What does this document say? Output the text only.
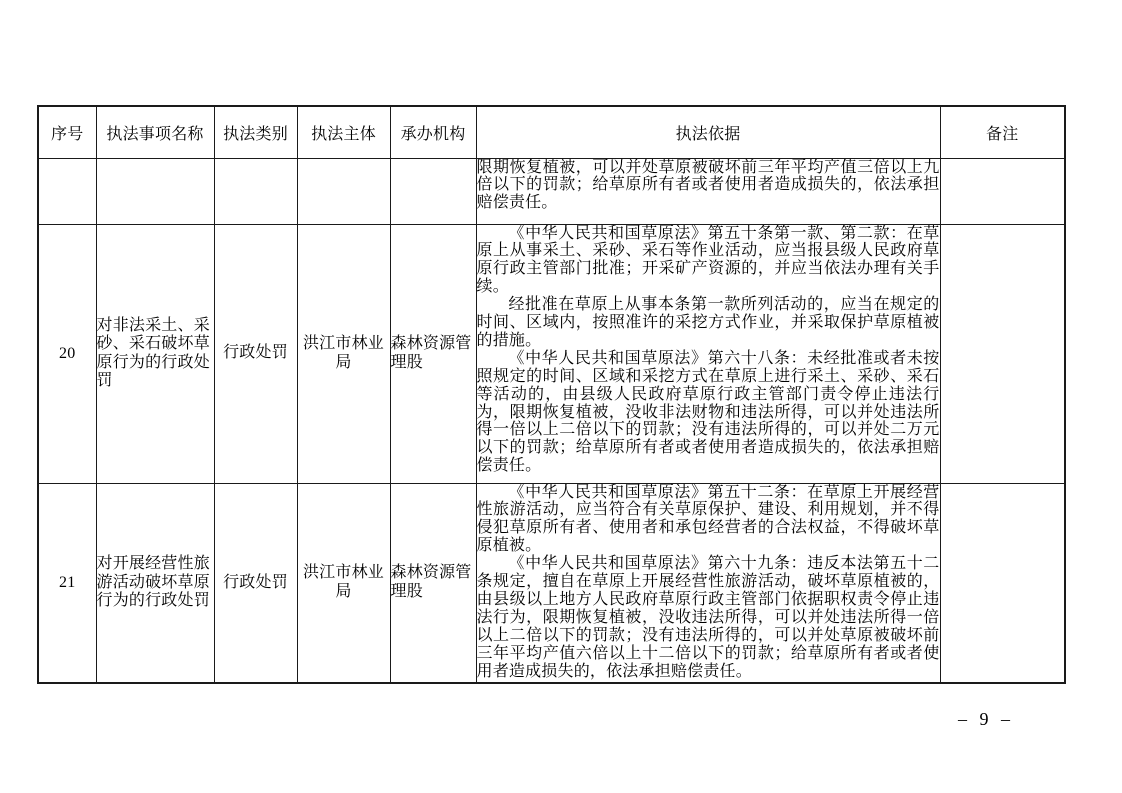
序号	执法事项名称	执法类别	执法主体	承办机构	执法依据	备注

					限期恢复植被，可以并处草原被破坏前三年平均产值三倍以上九倍以下的罚款；给草原所有者或者使用者造成损失的，依法承担赔偿责任。	

20	对非法采土、采砂、采石破坏草原行为的行政处罚	行政处罚	洪江市林业局	森林资源管理股	《中华人民共和国草原法》第五十条第一款、第二款：在草原上从事采土、采砂、采石等作业活动，应当报县级人民政府草原行政主管部门批准；开采矿产资源的，并应当依法办理有关手续。

经批准在草原上从事本条第一款所列活动的，应当在规定的时间、区域内，按照准许的采挖方式作业，并采取保护草原植被的措施。

《中华人民共和国草原法》第六十八条：未经批准或者未按照规定的时间、区域和采挖方式在草原上进行采土、采砂、采石等活动的，由县级人民政府草原行政主管部门责令停止违法行为，限期恢复植被，没收非法财物和违法所得，可以并处违法所得一倍以上二倍以下的罚款；没有违法所得的，可以并处二万元以下的罚款；给草原所有者或者使用者造成损失的，依法承担赔偿责任。	

21	对开展经营性旅游活动破坏草原行为的行政处罚	行政处罚	洪江市林业局	森林资源管理股	《中华人民共和国草原法》第五十二条：在草原上开展经营性旅游活动，应当符合有关草原保护、建设、利用规划，并不得侵犯草原所有者、使用者和承包经营者的合法权益，不得破坏草原植被。

《中华人民共和国草原法》第六十九条：违反本法第五十二条规定，擅自在草原上开展经营性旅游活动，破坏草原植被的，由县级以上地方人民政府草原行政主管部门依据职权责令停止违法行为，限期恢复植被，没收违法所得，可以并处违法所得一倍以上二倍以下的罚款；没有违法所得的，可以并处草原被破坏前三年平均产值六倍以上十二倍以下的罚款；给草原所有者或者使用者造成损失的，依法承担赔偿责任。	

– 9 –
